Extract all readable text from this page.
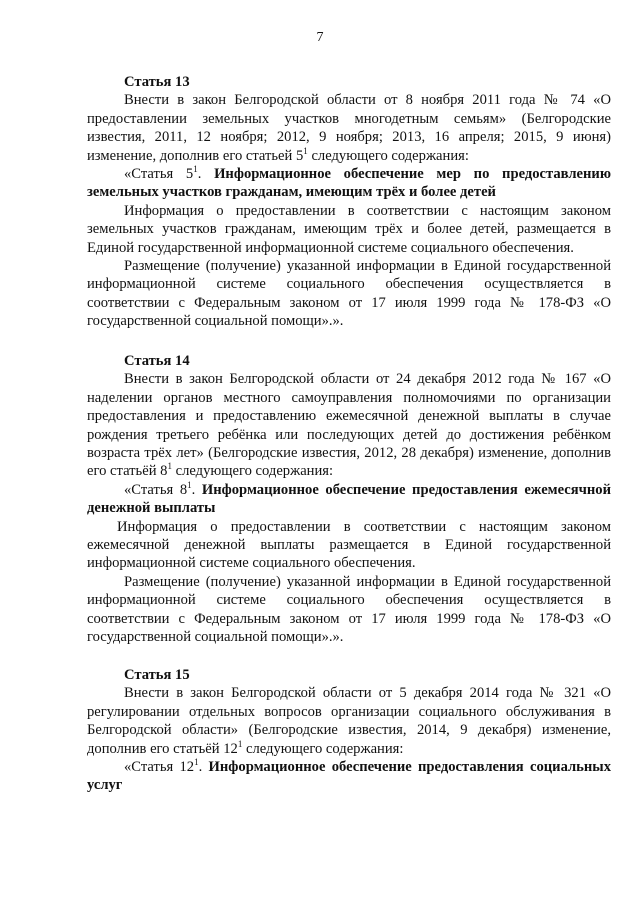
7

Статья 13

Внести в закон Белгородской области от 8 ноября 2011 года № 74 «О предоставлении земельных участков многодетным семьям» (Белгородские известия, 2011, 12 ноября; 2012, 9 ноября; 2013, 16 апреля; 2015, 9 июня) изменение, дополнив его статьей $5^1$ следующего содержания:

«Статья $5^1$. Информационное обеспечение мер по предоставлению земельных участков гражданам, имеющим трёх и более детей

Информация о предоставлении в соответствии с настоящим законом земельных участков гражданам, имеющим трёх и более детей, размещается в Единой государственной информационной системе социального обеспечения.

Размещение (получение) указанной информации в Единой государственной информационной системе социального обеспечения осуществляется в соответствии с Федеральным законом от 17 июля 1999 года № 178-ФЗ «О государственной социальной помощи».».

Статья 14

Внести в закон Белгородской области от 24 декабря 2012 года № 167 «О наделении органов местного самоуправления полномочиями по организации предоставления и предоставлению ежемесячной денежной выплаты в случае рождения третьего ребёнка или последующих детей до достижения ребёнком возраста трёх лет» (Белгородские известия, 2012, 28 декабря) изменение, дополнив его статьёй $8^1$ следующего содержания:

«Статья $8^1$. Информационное обеспечение предоставления ежемесячной денежной выплаты

Информация о предоставлении в соответствии с настоящим законом ежемесячной денежной выплаты размещается в Единой государственной информационной системе социального обеспечения.

Размещение (получение) указанной информации в Единой государственной информационной системе социального обеспечения осуществляется в соответствии с Федеральным законом от 17 июля 1999 года № 178-ФЗ «О государственной социальной помощи».».

Статья 15

Внести в закон Белгородской области от 5 декабря 2014 года № 321 «О регулировании отдельных вопросов организации социального обслуживания в Белгородской области» (Белгородские известия, 2014, 9 декабря) изменение, дополнив его статьёй $12^1$ следующего содержания:

«Статья $12^1$. Информационное обеспечение предоставления социальных услуг
